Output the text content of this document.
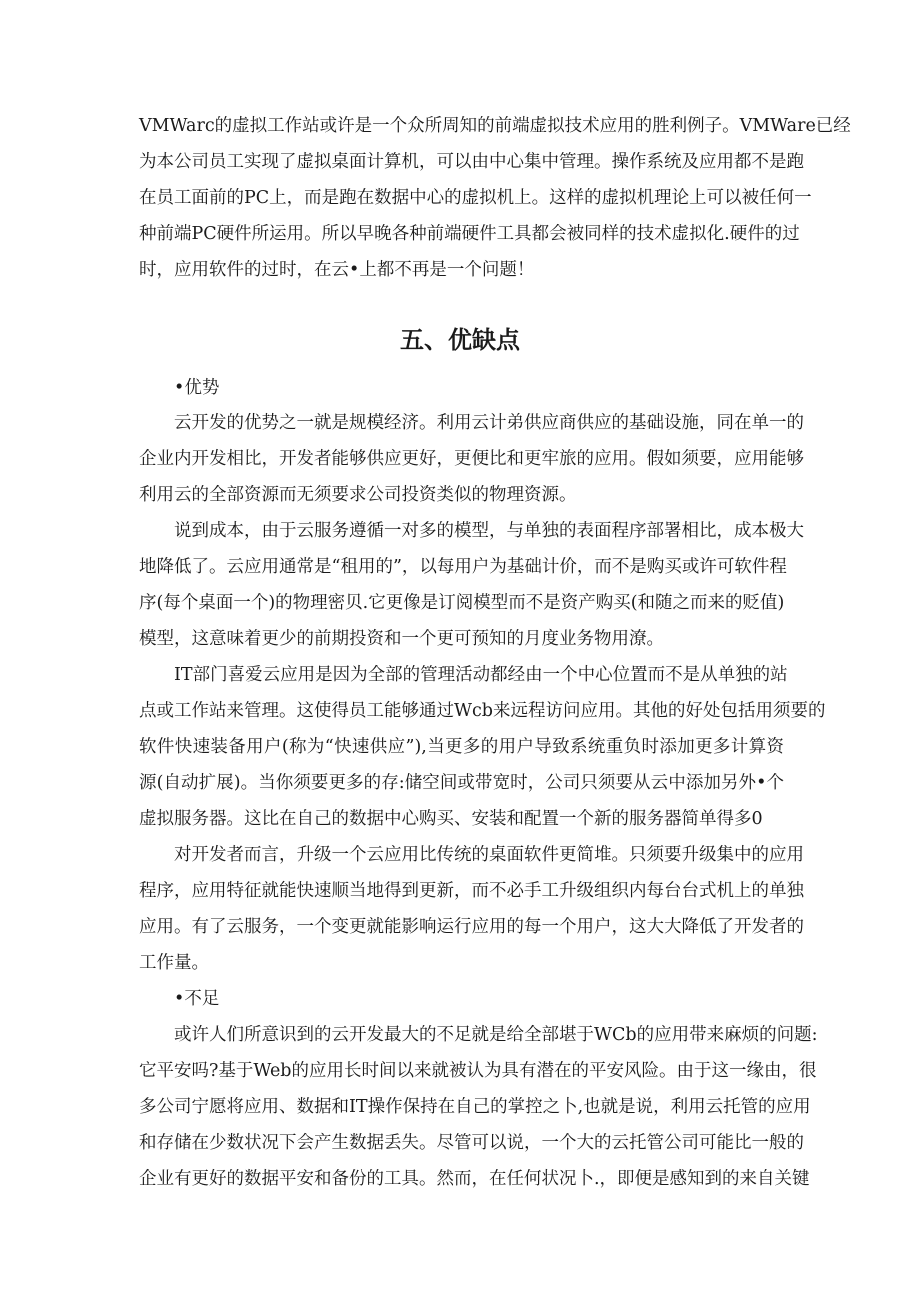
VMWarc的虚拟工作站或许是一个众所周知的前端虚拟技术应用的胜利例子。VMWare已经
为本公司员工实现了虚拟桌面计算机，可以由中心集中管理。操作系统及应用都不是跑
在员工面前的PC上，而是跑在数据中心的虚拟机上。这样的虚拟机理论上可以被任何一
种前端PC硬件所运用。所以早晚各种前端硬件工具都会被同样的技术虚拟化.硬件的过
时，应用软件的过时，在云•上都不再是一个问题！
五、优缺点
•优势
云开发的优势之一就是规模经济。利用云计弟供应商供应的基础设施，同在单一的
企业内开发相比，开发者能够供应更好，更便比和更牢旅的应用。假如须要，应用能够
利用云的全部资源而无须要求公司投资类似的物理资源。
说到成本，由于云服务遵循一对多的模型，与单独的表面程序部署相比，成本极大
地降低了。云应用通常是“租用的”，以每用户为基础计价，而不是购买或许可软件程
序(每个桌面一个)的物理密贝.它更像是订阅模型而不是资产购买(和随之而来的贬值)
模型，这意味着更少的前期投资和一个更可预知的月度业务物用潦。
IT部门喜爱云应用是因为全部的管理活动都经由一个中心位置而不是从单独的站
点或工作站来管理。这使得员工能够通过Wcb来远程访问应用。其他的好处包括用须要的
软件快速装备用户(称为“快速供应”),当更多的用户导致系统重负时添加更多计算资
源(自动扩展)。当你须要更多的存:储空间或带宽时，公司只须要从云中添加另外•个
虚拟服务器。这比在自己的数据中心购买、安装和配置一个新的服务器简单得多0
对开发者而言，升级一个云应用比传统的桌面软件更简堆。只须要升级集中的应用
程序，应用特征就能快速顺当地得到更新，而不必手工升级组织内每台台式机上的单独
应用。有了云服务，一个变更就能影响运行应用的每一个用户，这大大降低了开发者的
工作量。
•不足
或许人们所意识到的云开发最大的不足就是给全部堪于WCb的应用带来麻烦的问题:
它平安吗?基于Web的应用长时间以来就被认为具有潜在的平安风险。由于这一缘由，很
多公司宁愿将应用、数据和IT操作保持在自己的掌控之卜,也就是说，利用云托管的应用
和存储在少数状况下会产生数据丢失。尽管可以说，一个大的云托管公司可能比一般的
企业有更好的数据平安和备份的工具。然而，在任何状况卜.，即便是感知到的来自关键
